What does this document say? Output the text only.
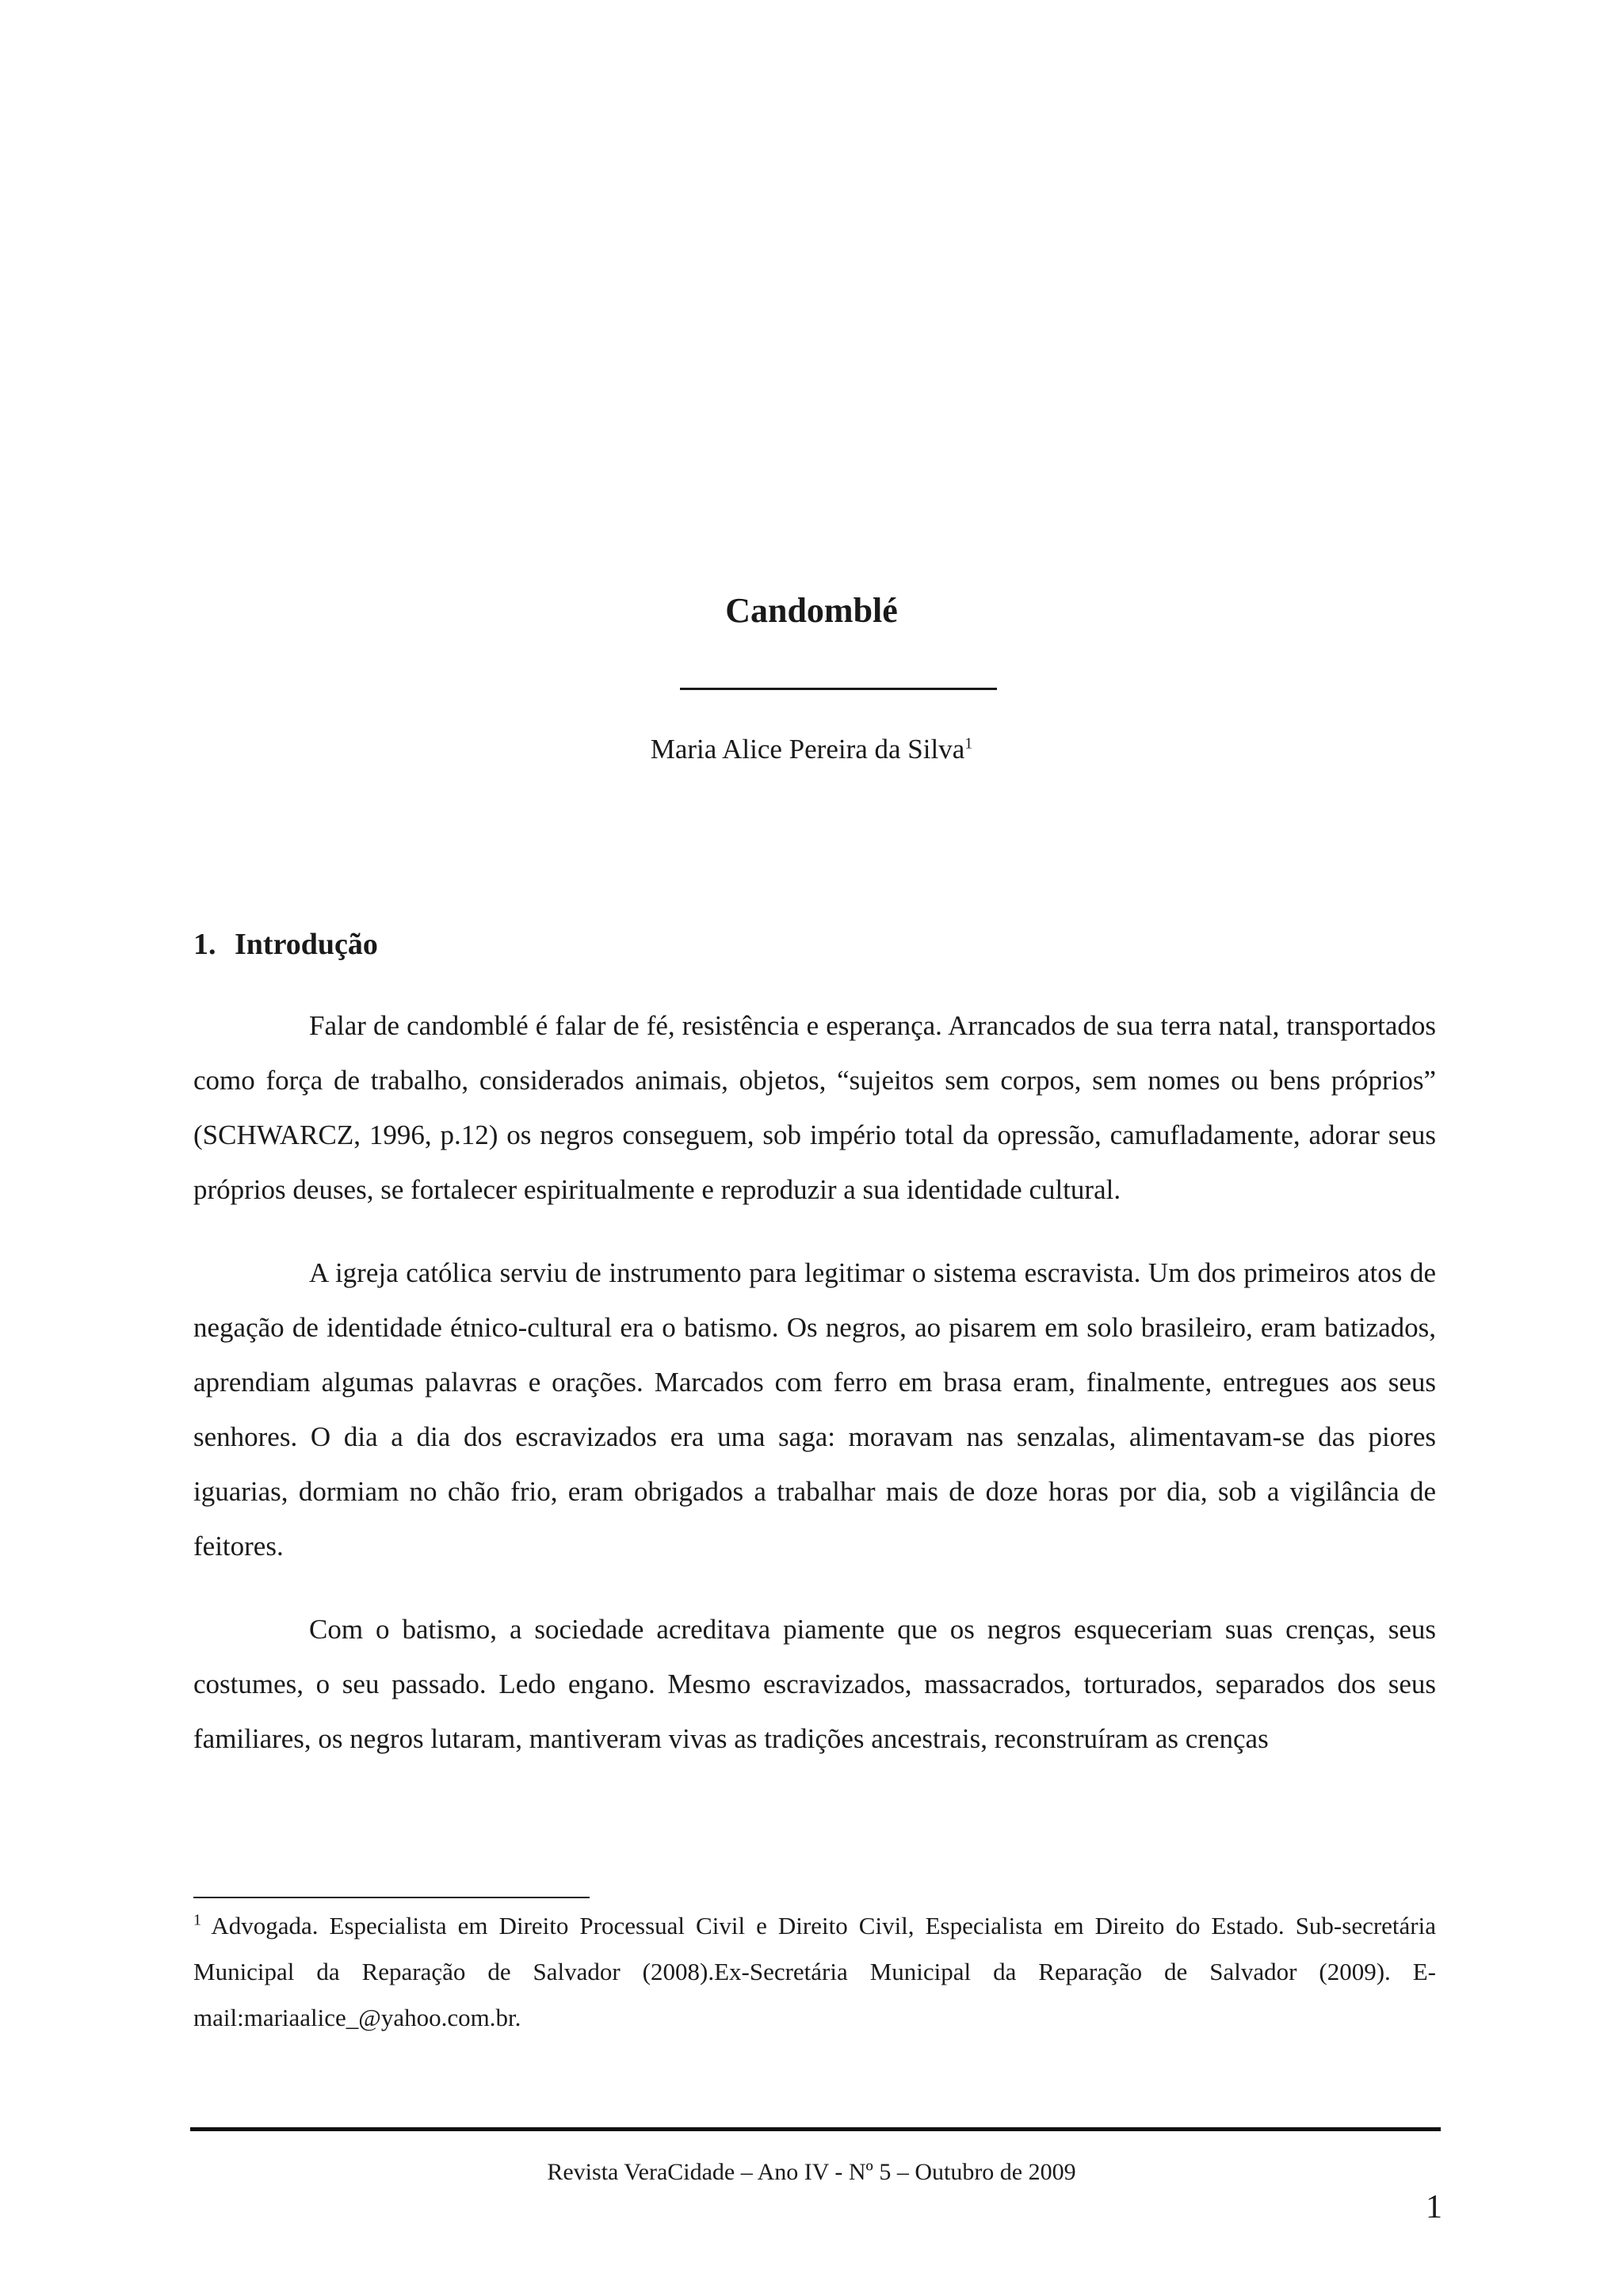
Candomblé
Maria Alice Pereira da Silva$^1$
1. Introdução

Falar de candomblé é falar de fé, resistência e esperança. Arrancados de sua terra natal, transportados como força de trabalho, considerados animais, objetos, “sujeitos sem corpos, sem nomes ou bens próprios” (SCHWARCZ, 1996, p.12) os negros conseguem, sob império total da opressão, camufladamente, adorar seus próprios deuses, se fortalecer espiritualmente e reproduzir a sua identidade cultural.

A igreja católica serviu de instrumento para legitimar o sistema escravista. Um dos primeiros atos de negação de identidade étnico-cultural era o batismo. Os negros, ao pisarem em solo brasileiro, eram batizados, aprendiam algumas palavras e orações. Marcados com ferro em brasa eram, finalmente, entregues aos seus senhores. O dia a dia dos escravizados era uma saga: moravam nas senzalas, alimentavam-se das piores iguarias, dormiam no chão frio, eram obrigados a trabalhar mais de doze horas por dia, sob a vigilância de feitores.

Com o batismo, a sociedade acreditava piamente que os negros esqueceriam suas crenças, seus costumes, o seu passado. Ledo engano. Mesmo escravizados, massacrados, torturados, separados dos seus familiares, os negros lutaram, mantiveram vivas as tradições ancestrais, reconstruíram as crenças

$^1$ Advogada. Especialista em Direito Processual Civil e Direito Civil, Especialista em Direito do Estado. Sub-secretária Municipal da Reparação de Salvador (2008).Ex-Secretária Municipal da Reparação de Salvador (2009). E-mail:mariaalice_@yahoo.com.br.

Revista VeraCidade – Ano IV - Nº 5 – Outubro de 2009
1
